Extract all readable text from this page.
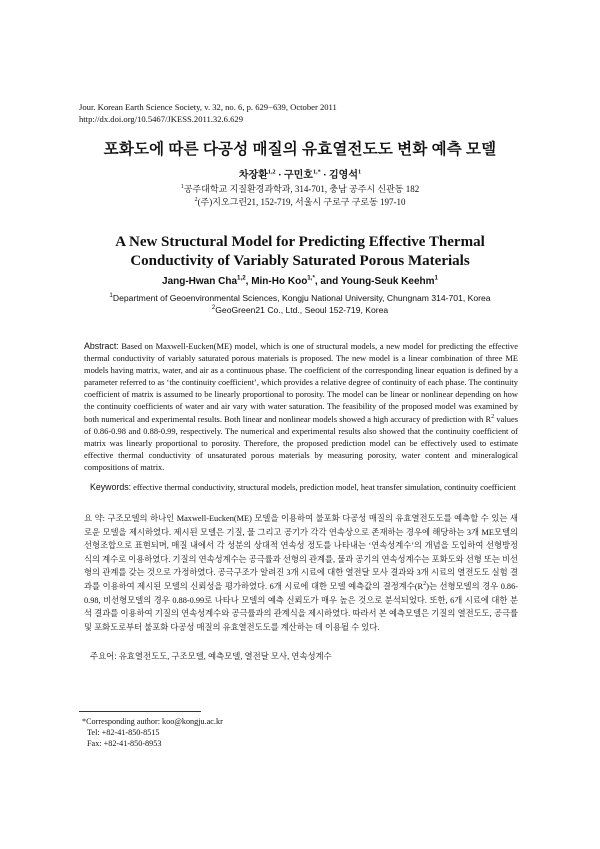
Jour. Korean Earth Science Society, v. 32, no. 6, p. 629−639, October 2011
http://dx.doi.org/10.5467/JKESS.2011.32.6.629
포화도에 따른 다공성 매질의 유효열전도도 변화 예측 모델
차장환$^{1,2}$ · 구민호$^{1,*}$ · 김영석$^1$
$^1$공주대학교 지질환경과학과, 314-701, 충남 공주시 신관동 182
$^2$(주)지오그린21, 152-719, 서울시 구로구 구로동 197-10
A New Structural Model for Predicting Effective Thermal
Conductivity of Variably Saturated Porous Materials
Jang-Hwan Cha$^{1,2}$, Min-Ho Koo$^{1,*}$, and Young-Seuk Keehm$^1$
$^1$Department of Geoenvironmental Sciences, Kongju National University, Chungnam 314-701, Korea
$^2$GeoGreen21 Co., Ltd., Seoul 152-719, Korea
Abstract: Based on Maxwell-Eucken(ME) model, which is one of structural models, a new model for predicting the effective thermal conductivity of variably saturated porous materials is proposed. The new model is a linear combination of three ME models having matrix, water, and air as a continuous phase. The coefficient of the corresponding linear equation is defined by a parameter referred to as ‘the continuity coefficient’, which provides a relative degree of continuity of each phase. The continuity coefficient of matrix is assumed to be linearly proportional to porosity. The model can be linear or nonlinear depending on how the continuity coefficients of water and air vary with water saturation. The feasibility of the proposed model was examined by both numerical and experimental results. Both linear and nonlinear models showed a high accuracy of prediction with $R^2$ values of 0.86-0.98 and 0.88-0.99, respectively. The numerical and experimental results also showed that the continuity coefficient of matrix was linearly proportional to porosity. Therefore, the proposed prediction model can be effectively used to estimate effective thermal conductivity of unsaturated porous materials by measuring porosity, water content and mineralogical compositions of matrix.
Keywords: effective thermal conductivity, structural models, prediction model, heat transfer simulation, continuity coefficient
요 약: 구조모델의 하나인 Maxwell-Eucken(ME) 모델을 이용하여 불포화 다공성 매질의 유효열전도도를 예측할 수 있는 새로운 모델을 제시하였다. 제시된 모델은 기질, 물 그리고 공기가 각각 연속상으로 존재하는 경우에 해당하는 3개 ME모델의 선형조합으로 표현되며, 매질 내에서 각 성분의 상대적 연속성 정도를 나타내는 ‘연속성계수’의 개념을 도입하여 선형방정식의 계수로 이용하였다. 기질의 연속성계수는 공극률과 선형의 관계를, 물과 공기의 연속성계수는 포화도와 선형 또는 비선형의 관계를 갖는 것으로 가정하였다. 공극구조가 알려진 3개 시료에 대한 열전달 모사 결과와 3개 시료의 열전도도 실험 결과를 이용하여 제시된 모델의 신뢰성을 평가하였다. 6개 시료에 대한 모델 예측값의 결정계수$(R^2)$는 선형모델의 경우 0.86-0.98, 비선형모델의 경우 0.88-0.99로 나타나 모델의 예측 신뢰도가 매우 높은 것으로 분석되었다. 또한, 6개 시료에 대한 분석 결과를 이용하여 기질의 연속성계수와 공극률과의 관계식을 제시하였다. 따라서 본 예측모델은 기질의 열전도도, 공극률 및 포화도로부터 불포화 다공성 매질의 유효열전도도를 계산하는 데 이용될 수 있다.
주요어: 유효열전도도, 구조모델, 예측모델, 열전달 모사, 연속성계수
*Corresponding author: koo@kongju.ac.kr
Tel: +82-41-850-8515
Fax: +82-41-850-8953
